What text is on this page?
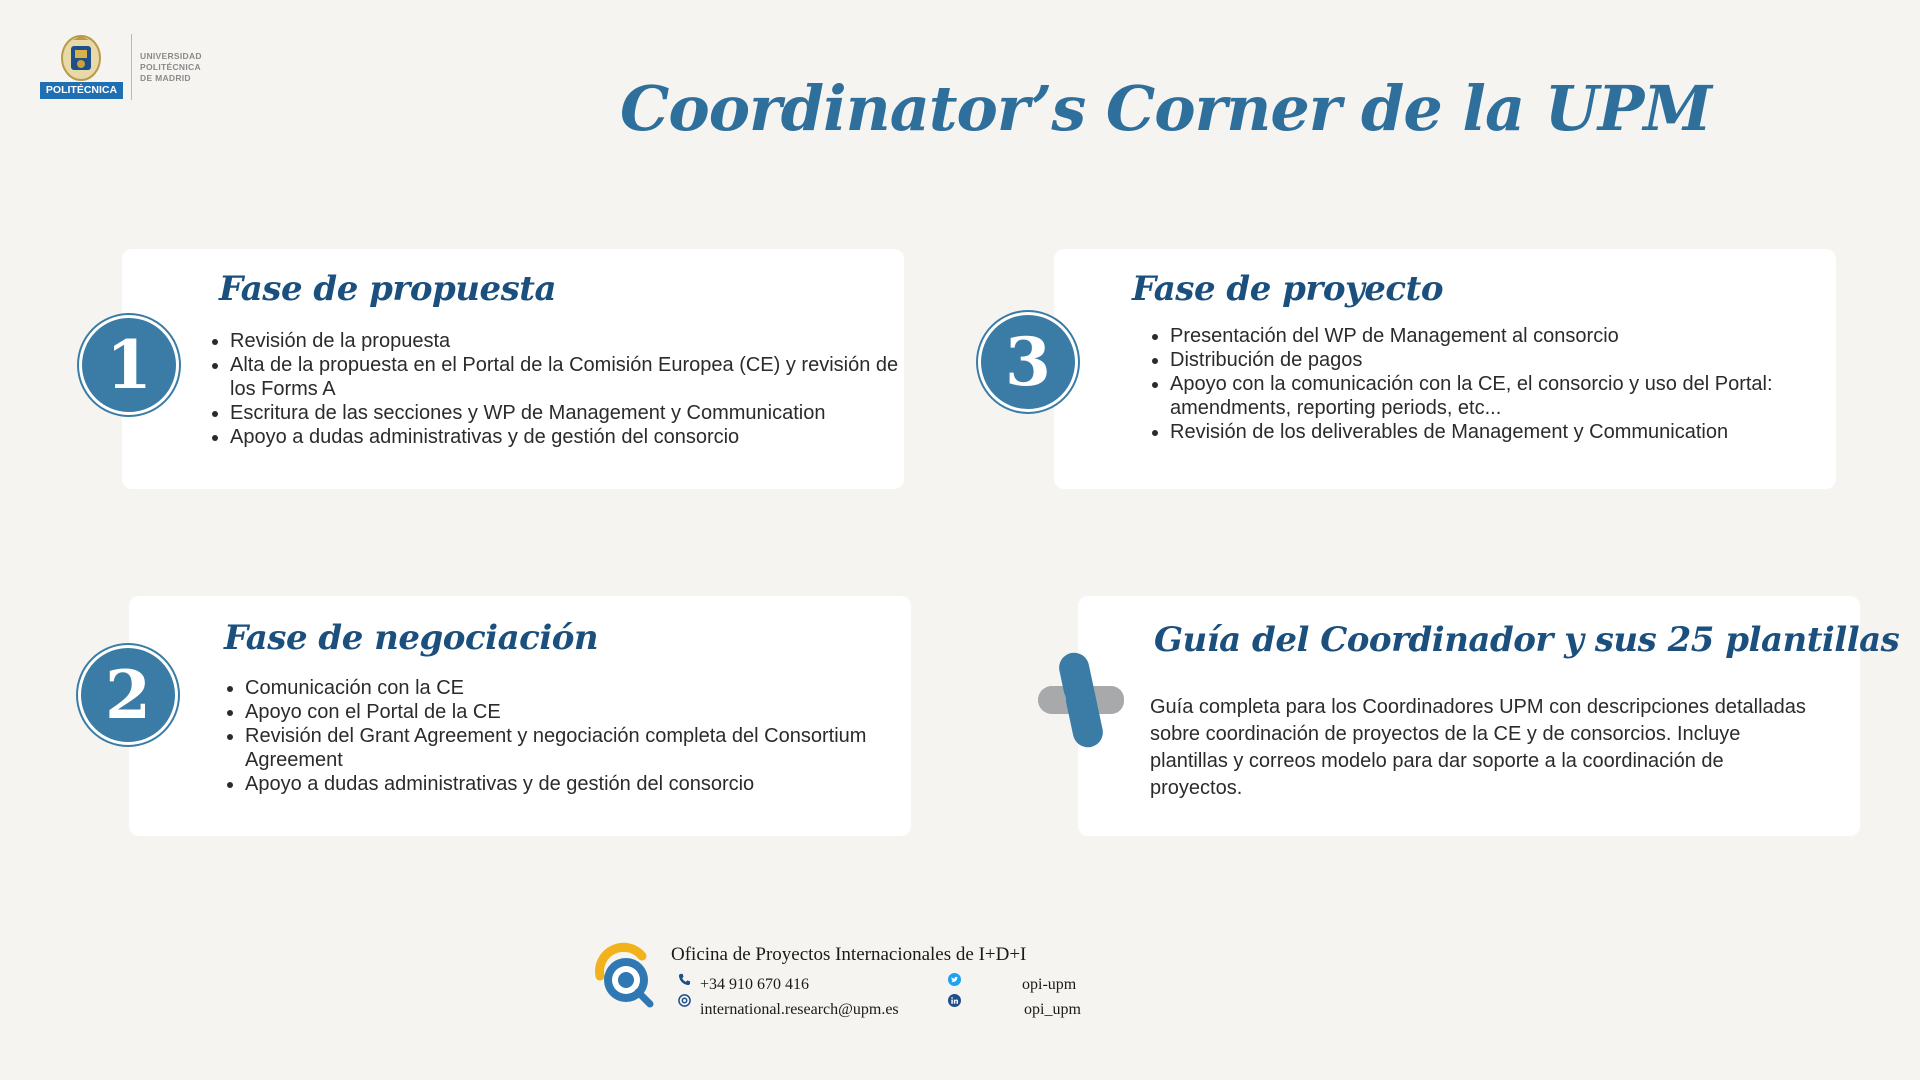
POLITÉCNICA
UNIVERSIDAD
POLITÉCNICA
DE MADRID	Coordinator’s Corner de la UPM
Fase de propuesta
• Revisión de la propuesta
• Alta de la propuesta en el Portal de la Comisión Europea (CE) y revisión de los Forms A
• Escritura de las secciones y WP de Management y Communication
• Apoyo a dudas administrativas y de gestión del consorcio
1
Fase de proyecto
• Presentación del WP de Management al consorcio
• Distribución de pagos
• Apoyo con la comunicación con la CE, el consorcio y uso del Portal: amendments, reporting periods, etc...
• Revisión de los deliverables de Management y Communication
3
Fase de negociación
• Comunicación con la CE
• Apoyo con el Portal de la CE
• Revisión del Grant Agreement y negociación completa del Consortium Agreement
• Apoyo a dudas administrativas y de gestión del consorcio
2
Guía del Coordinador y sus 25 plantillas

Guía completa para los Coordinadores UPM con descripciones detalladas sobre coordinación de proyectos de la CE y de consorcios. Incluye plantillas y correos modelo para dar soporte a la coordinación de proyectos.

Oficina de Proyectos Internacionales de I+D+I
+34 910 670 416
international.research@upm.es
opi-upm
opi_upm
